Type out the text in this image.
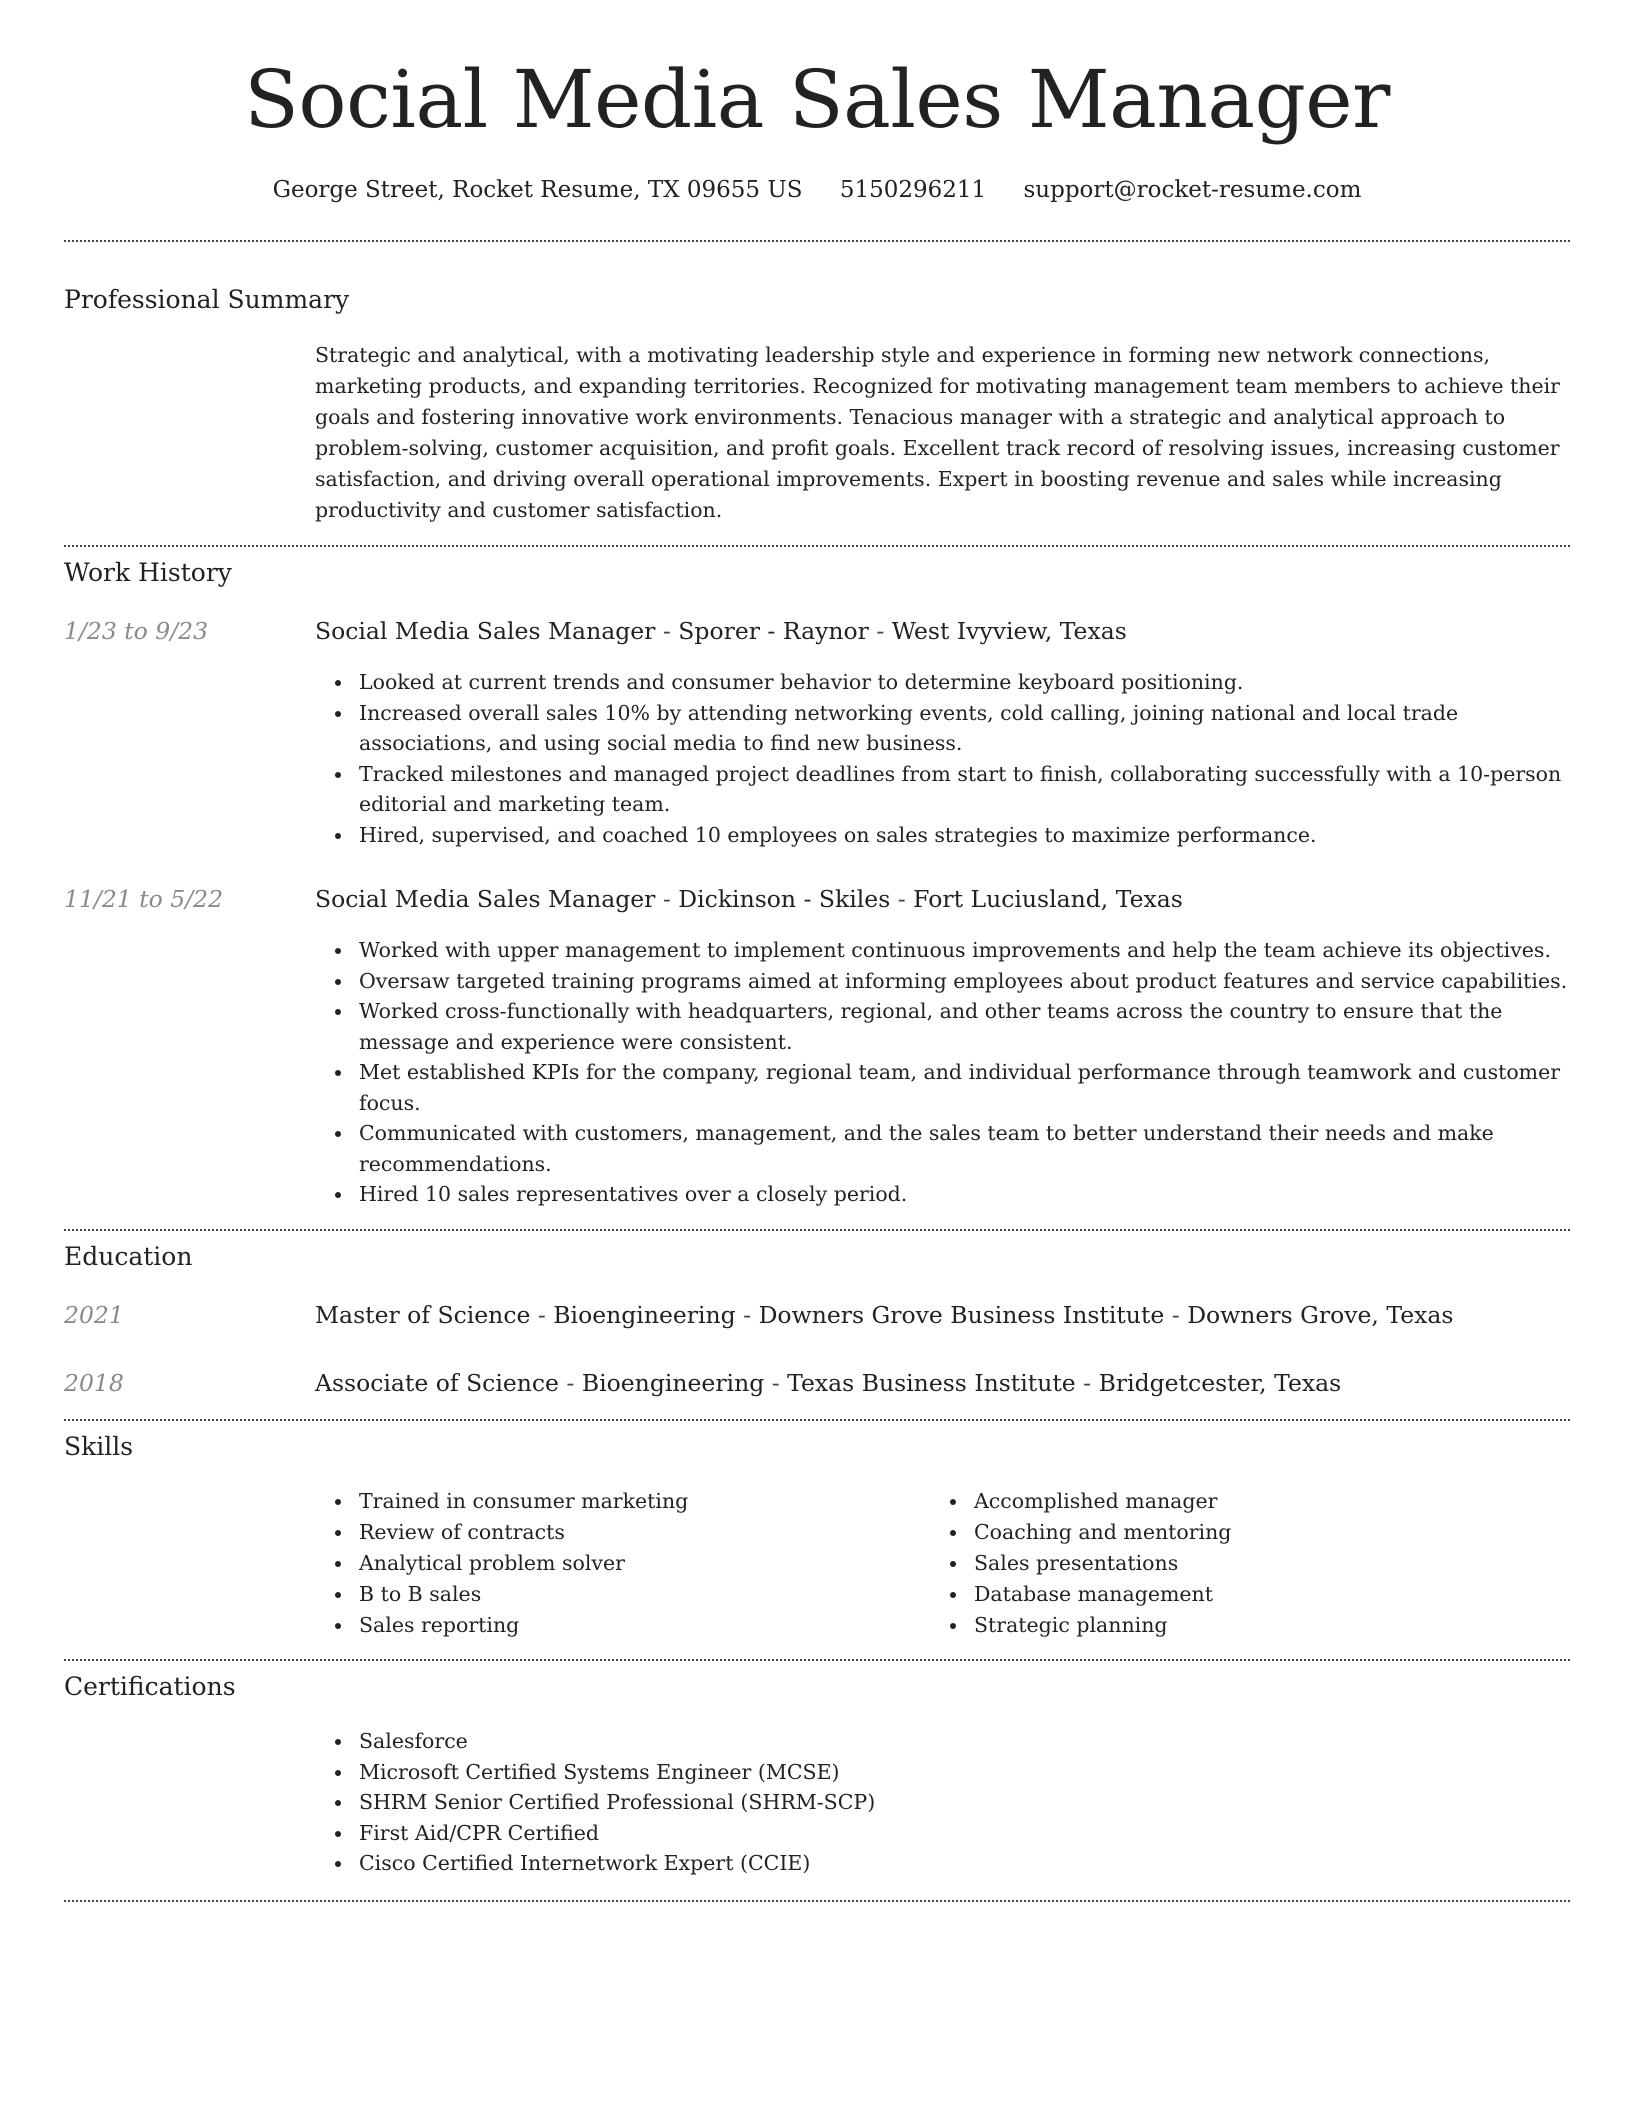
Social Media Sales Manager
George Street, Rocket Resume, TX 09655 US 5150296211 support@rocket-resume.com
Professional Summary

Strategic and analytical, with a motivating leadership style and experience in forming new network connections, marketing products, and expanding territories. Recognized for motivating management team members to achieve their goals and fostering innovative work environments. Tenacious manager with a strategic and analytical approach to problem-solving, customer acquisition, and profit goals. Excellent track record of resolving issues, increasing customer satisfaction, and driving overall operational improvements. Expert in boosting revenue and sales while increasing productivity and customer satisfaction.

Work History
1/23 to 9/23	Social Media Sales Manager - Sporer - Raynor - West Ivyview, Texas
Looked at current trends and consumer behavior to determine keyboard positioning.
Increased overall sales 10% by attending networking events, cold calling, joining national and local trade associations, and using social media to find new business.
Tracked milestones and managed project deadlines from start to finish, collaborating successfully with a 10-person editorial and marketing team.
Hired, supervised, and coached 10 employees on sales strategies to maximize performance.
11/21 to 5/22	Social Media Sales Manager - Dickinson - Skiles - Fort Luciusland, Texas
Worked with upper management to implement continuous improvements and help the team achieve its objectives.
Oversaw targeted training programs aimed at informing employees about product features and service capabilities.
Worked cross-functionally with headquarters, regional, and other teams across the country to ensure that the message and experience were consistent.
Met established KPIs for the company, regional team, and individual performance through teamwork and customer focus.
Communicated with customers, management, and the sales team to better understand their needs and make recommendations.
Hired 10 sales representatives over a closely period.
Education
2021	Master of Science - Bioengineering - Downers Grove Business Institute - Downers Grove, Texas
2018	Associate of Science - Bioengineering - Texas Business Institute - Bridgetcester, Texas
Skills
Trained in consumer marketing
Review of contracts
Analytical problem solver
B to B sales
Sales reporting
Accomplished manager
Coaching and mentoring
Sales presentations
Database management
Strategic planning
Certifications
Salesforce
Microsoft Certified Systems Engineer (MCSE)
SHRM Senior Certified Professional (SHRM-SCP)
First Aid/CPR Certified
Cisco Certified Internetwork Expert (CCIE)
